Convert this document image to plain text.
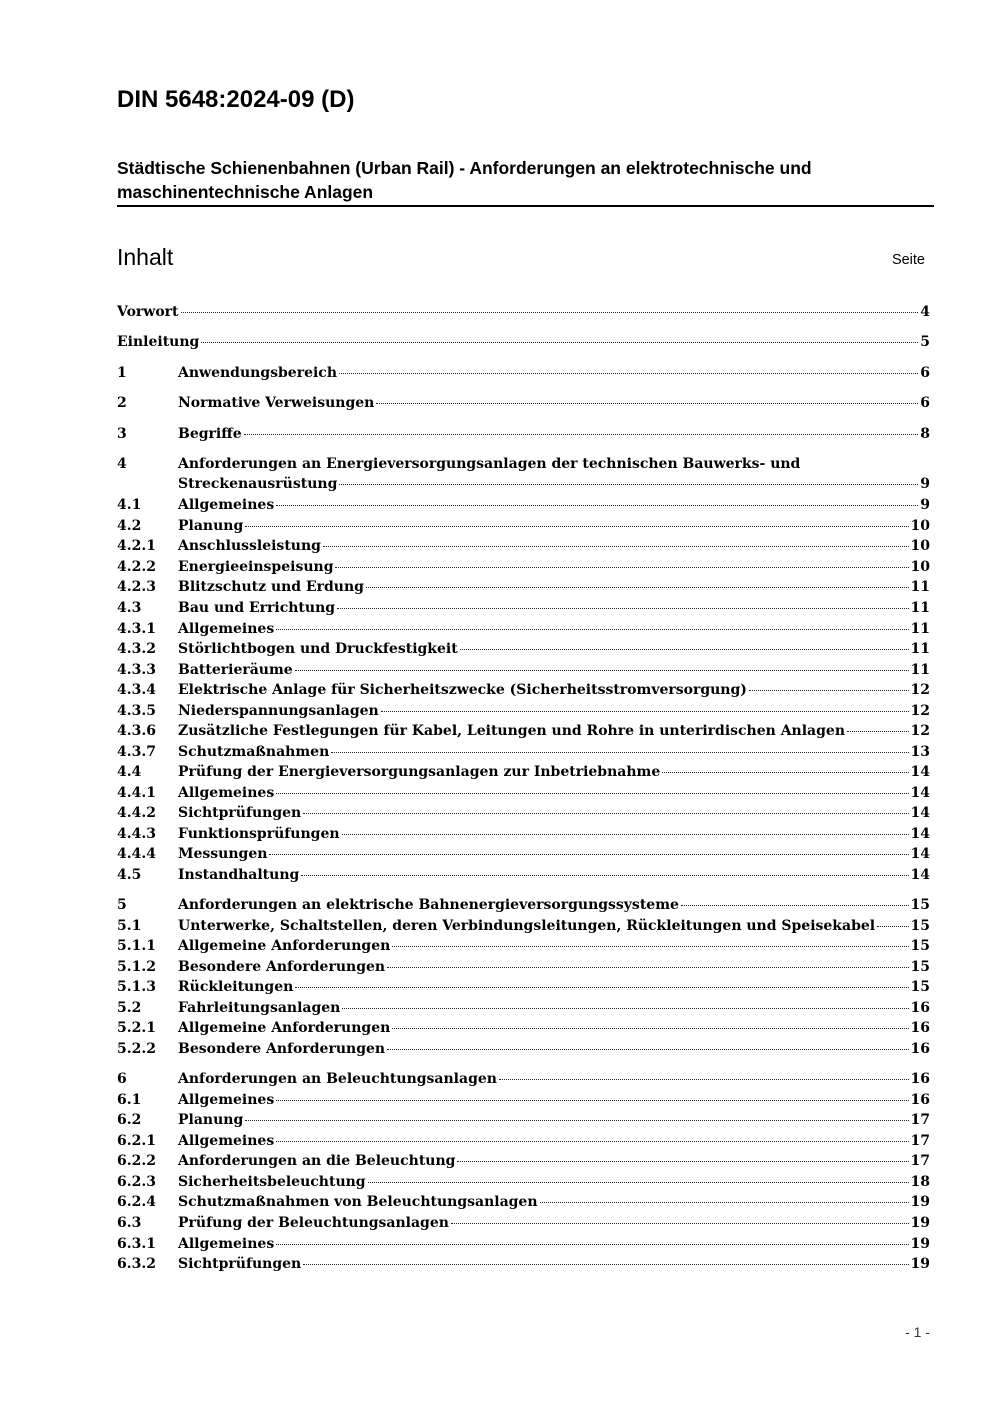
DIN 5648:2024-09 (D)
Städtische Schienenbahnen (Urban Rail) - Anforderungen an elektrotechnische und maschinentechnische Anlagen
Inhalt	Seite
Vorwort	4
Einleitung	5
1	Anwendungsbereich	6
2	Normative Verweisungen	6
3	Begriffe	8
4	Anforderungen an Energieversorgungsanlagen der technischen Bauwerks- und
Streckenausrüstung	9
4.1	Allgemeines	9
4.2	Planung	10
4.2.1 Anschlussleistung	10
4.2.2 Energieeinspeisung	10
4.2.3 Blitzschutz und Erdung	11
4.3	Bau und Errichtung	11
4.3.1 Allgemeines	11
4.3.2 Störlichtbogen und Druckfestigkeit	11
4.3.3 Batterieräume	11
4.3.4 Elektrische Anlage für Sicherheitszwecke (Sicherheitsstromversorgung)	12
4.3.5 Niederspannungsanlagen	12
4.3.6 Zusätzliche Festlegungen für Kabel, Leitungen und Rohre in unterirdischen Anlagen	12
4.3.7 Schutzmaßnahmen	13
4.4	Prüfung der Energieversorgungsanlagen zur Inbetriebnahme	14
4.4.1 Allgemeines	14
4.4.2 Sichtprüfungen	14
4.4.3 Funktionsprüfungen	14
4.4.4 Messungen	14
4.5	Instandhaltung	14
5	Anforderungen an elektrische Bahnenergieversorgungssysteme	15
5.1	Unterwerke, Schaltstellen, deren Verbindungsleitungen, Rückleitungen und Speisekabel	15
5.1.1 Allgemeine Anforderungen	15
5.1.2 Besondere Anforderungen	15
5.1.3 Rückleitungen	15
5.2	Fahrleitungsanlagen	16
5.2.1 Allgemeine Anforderungen	16
5.2.2 Besondere Anforderungen	16
6	Anforderungen an Beleuchtungsanlagen	16
6.1	Allgemeines	16
6.2	Planung	17
6.2.1 Allgemeines	17
6.2.2 Anforderungen an die Beleuchtung	17
6.2.3 Sicherheitsbeleuchtung	18
6.2.4 Schutzmaßnahmen von Beleuchtungsanlagen	19
6.3	Prüfung der Beleuchtungsanlagen	19
6.3.1 Allgemeines	19
6.3.2 Sichtprüfungen	19
- 1 -
